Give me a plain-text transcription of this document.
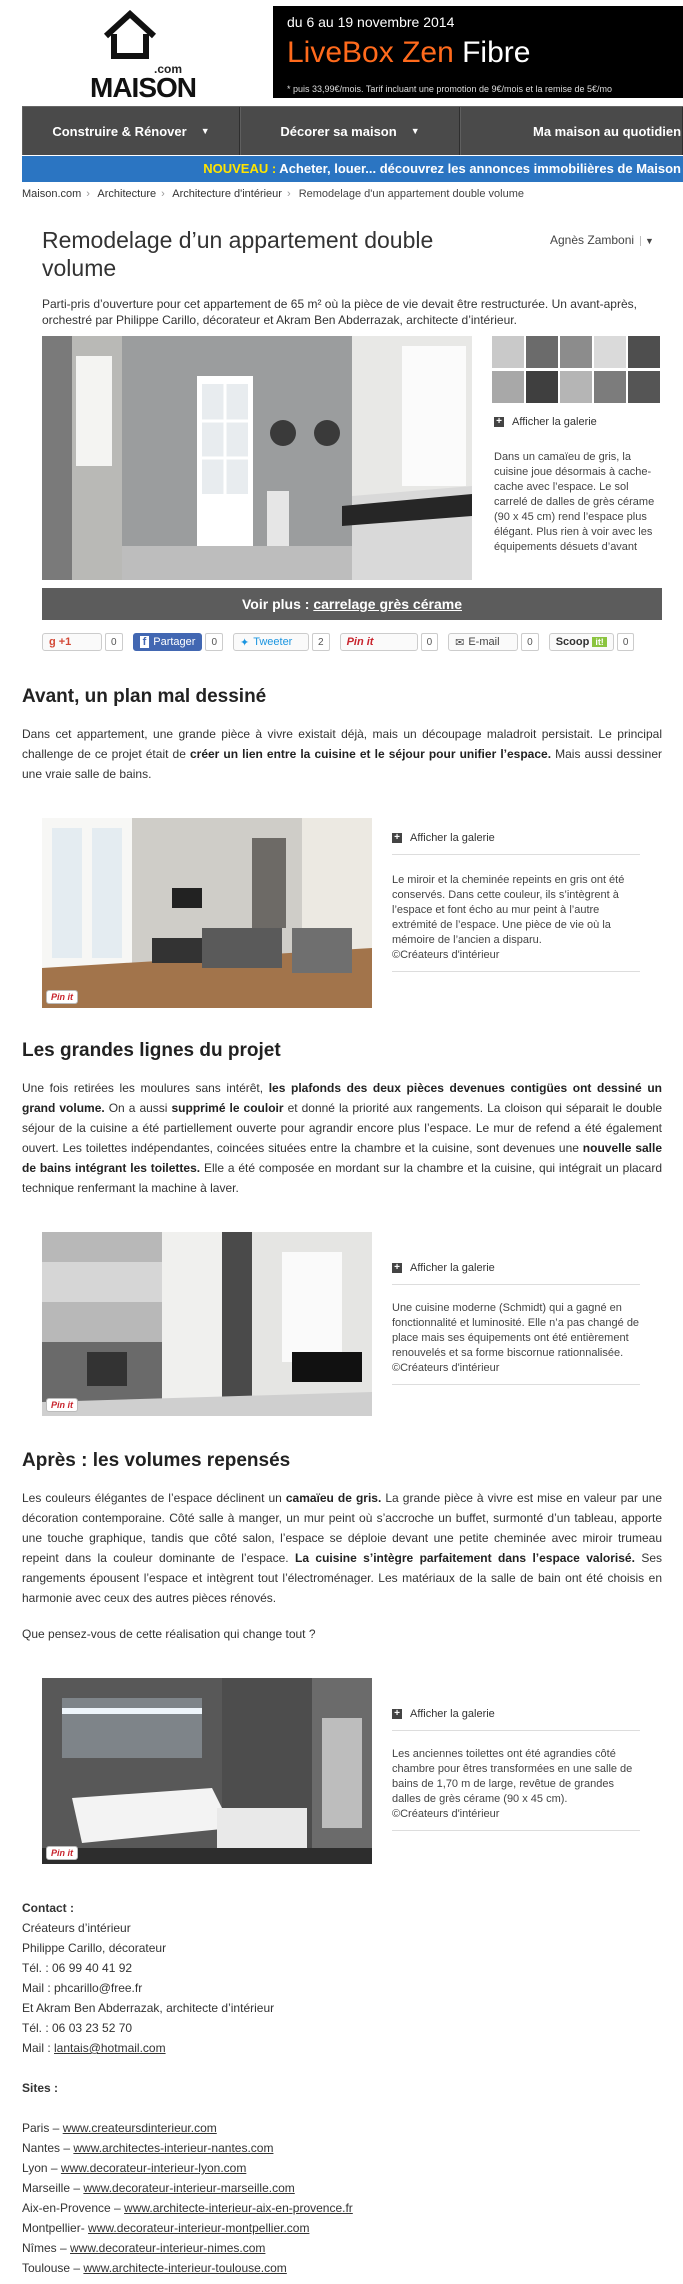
.com
MAISON
du 6 au 19 novembre 2014
LiveBox Zen Fibre
* puis 33,99€/mois. Tarif incluant une promotion de 9€/mois et la remise de 5€/mo
Construire & Rénover ▼	Décorer sa maison ▼	Ma maison au quotidien
NOUVEAU : Acheter, louer... découvrez les annonces immobilières de Maison
Maison.com › Architecture › Architecture d'intérieur › Remodelage d'un appartement double volume
Remodelage d’un appartement double volume
Agnès Zamboni ▼
Parti-pris d’ouverture pour cet appartement de 65 m² où la pièce de vie devait être restructurée. Un avant-après, orchestré par Philippe Carillo, décorateur et Akram Ben Abderrazak, architecte d’intérieur.
+ Afficher la galerie
Dans un camaïeu de gris, la cuisine joue désormais à cache-cache avec l’espace. Le sol carrelé de dalles de grès cérame (90 x 45 cm) rend l’espace plus élégant. Plus rien à voir avec les équipements désuets d’avant
Voir plus : carrelage grès cérame
g +1	0	f Partager	0	✦ Tweeter	2	Pin it	0	✉ E-mail	0	Scoop it!	0
Avant, un plan mal dessiné

Dans cet appartement, une grande pièce à vivre existait déjà, mais un découpage maladroit persistait. Le principal challenge de ce projet était de créer un lien entre la cuisine et le séjour pour unifier l’espace. Mais aussi dessiner une vraie salle de bains.

Pin it
+ Afficher la galerie
Le miroir et la cheminée repeints en gris ont été conservés. Dans cette couleur, ils s’intègrent à l’espace et font écho au mur peint à l’autre extrémité de l’espace. Une pièce de vie où la mémoire de l’ancien a disparu.
©Créateurs d'intérieur
Les grandes lignes du projet

Une fois retirées les moulures sans intérêt, les plafonds des deux pièces devenues contigües ont dessiné un grand volume. On a aussi supprimé le couloir et donné la priorité aux rangements. La cloison qui séparait le double séjour de la cuisine a été partiellement ouverte pour agrandir encore plus l’espace. Le mur de refend a été également ouvert. Les toilettes indépendantes, coincées situées entre la chambre et la cuisine, sont devenues une nouvelle salle de bains intégrant les toilettes. Elle a été composée en mordant sur la chambre et la cuisine, qui intégrait un placard technique renfermant la machine à laver.

Pin it
+ Afficher la galerie
Une cuisine moderne (Schmidt) qui a gagné en fonctionnalité et luminosité. Elle n’a pas changé de place mais ses équipements ont été entièrement renouvelés et sa forme biscornue rationnalisée.
©Créateurs d'intérieur
Après : les volumes repensés

Les couleurs élégantes de l’espace déclinent un camaïeu de gris. La grande pièce à vivre est mise en valeur par une décoration contemporaine. Côté salle à manger, un mur peint où s’accroche un buffet, surmonté d’un tableau, apporte une touche graphique, tandis que côté salon, l’espace se déploie devant une petite cheminée avec miroir trumeau repeint dans la couleur dominante de l’espace. La cuisine s’intègre parfaitement dans l’espace valorisé. Ses rangements épousent l’espace et intègrent tout l’électroménager. Les matériaux de la salle de bain ont été choisis en harmonie avec ceux des autres pièces rénovés.

Que pensez-vous de cette réalisation qui change tout ?

Pin it
+ Afficher la galerie
Les anciennes toilettes ont été agrandies côté chambre pour êtres transformées en une salle de bains de 1,70 m de large, revêtue de grandes dalles de grès cérame (90 x 45 cm).
©Créateurs d'intérieur
Contact :
Créateurs d’intérieur
Philippe Carillo, décorateur
Tél. : 06 99 40 41 92
Mail : phcarillo@free.fr
Et Akram Ben Abderrazak, architecte d’intérieur
Tél. : 06 03 23 52 70
Mail : lantais@hotmail.com
Sites :
Paris – www.createursdinterieur.com
Nantes – www.architectes-interieur-nantes.com
Lyon – www.decorateur-interieur-lyon.com
Marseille – www.decorateur-interieur-marseille.com
Aix-en-Provence – www.architecte-interieur-aix-en-provence.fr
Montpellier- www.decorateur-interieur-montpellier.com
Nîmes – www.decorateur-interieur-nimes.com
Toulouse – www.architecte-interieur-toulouse.com
